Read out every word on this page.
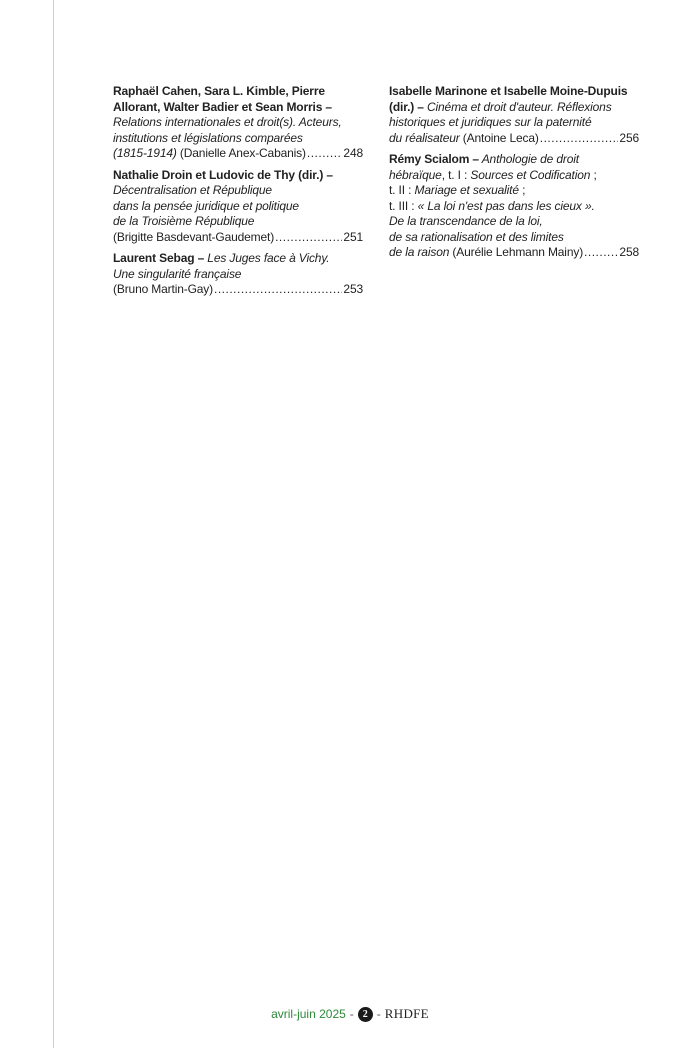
Raphaël Cahen, Sara L. Kimble, Pierre
Allorant, Walter Badier et Sean Morris –
Relations internationales et droit(s). Acteurs,
institutions et législations comparées
(1815-1914) (Danielle Anex-Cabanis) .....	248
Nathalie Droin et Ludovic de Thy (dir.) –
Décentralisation et République
dans la pensée juridique et politique
de la Troisième République
(Brigitte Basdevant-Gaudemet) .....	251
Laurent Sebag – Les Juges face à Vichy.
Une singularité française
(Bruno Martin-Gay) .....	253
Isabelle Marinone et Isabelle Moine-Dupuis
(dir.) – Cinéma et droit d'auteur. Réflexions
historiques et juridiques sur la paternité
du réalisateur (Antoine Leca) .....	256
Rémy Scialom – Anthologie de droit
hébraïque, t. I : Sources et Codification ;
t. II : Mariage et sexualité ;
t. III : « La loi n'est pas dans les cieux ».
De la transcendance de la loi,
de sa rationalisation et des limites
de la raison (Aurélie Lehmann Mainy) .....	258
avril-juin 2025 - 2 - RHDFE
